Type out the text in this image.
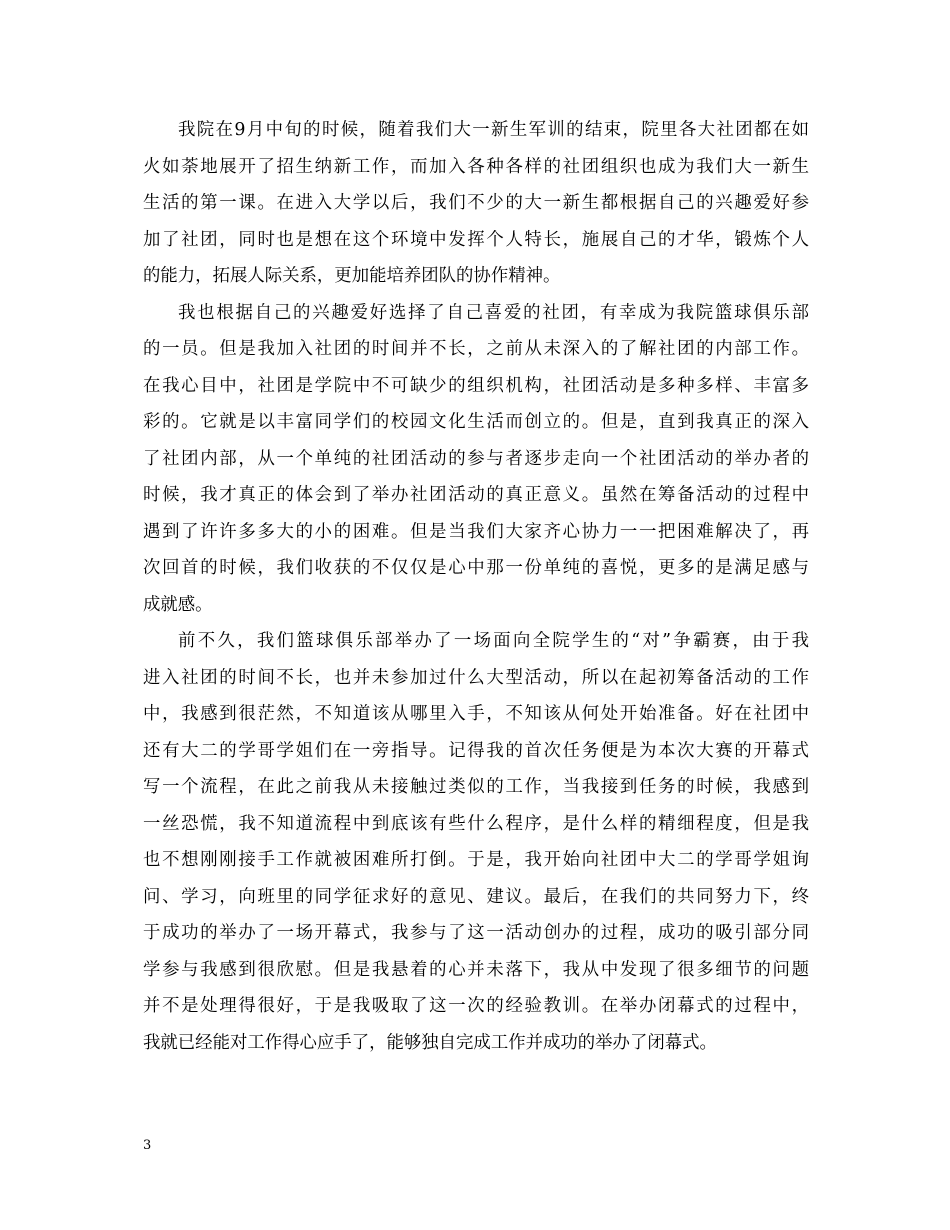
我院在9月中旬的时候，随着我们大一新生军训的结束，院里各大社团都在如
火如荼地展开了招生纳新工作，而加入各种各样的社团组织也成为我们大一新生
生活的第一课。在进入大学以后，我们不少的大一新生都根据自己的兴趣爱好参
加了社团，同时也是想在这个环境中发挥个人特长，施展自己的才华，锻炼个人
的能力，拓展人际关系，更加能培养团队的协作精神。
我也根据自己的兴趣爱好选择了自己喜爱的社团，有幸成为我院篮球俱乐部
的一员。但是我加入社团的时间并不长，之前从未深入的了解社团的内部工作。
在我心目中，社团是学院中不可缺少的组织机构，社团活动是多种多样、丰富多
彩的。它就是以丰富同学们的校园文化生活而创立的。但是，直到我真正的深入
了社团内部，从一个单纯的社团活动的参与者逐步走向一个社团活动的举办者的
时候，我才真正的体会到了举办社团活动的真正意义。虽然在筹备活动的过程中
遇到了许许多多大的小的困难。但是当我们大家齐心协力一一把困难解决了，再
次回首的时候，我们收获的不仅仅是心中那一份单纯的喜悦，更多的是满足感与
成就感。
前不久，我们篮球俱乐部举办了一场面向全院学生的“对”争霸赛，由于我
进入社团的时间不长，也并未参加过什么大型活动，所以在起初筹备活动的工作
中，我感到很茫然，不知道该从哪里入手，不知该从何处开始准备。好在社团中
还有大二的学哥学姐们在一旁指导。记得我的首次任务便是为本次大赛的开幕式
写一个流程，在此之前我从未接触过类似的工作，当我接到任务的时候，我感到
一丝恐慌，我不知道流程中到底该有些什么程序，是什么样的精细程度，但是我
也不想刚刚接手工作就被困难所打倒。于是，我开始向社团中大二的学哥学姐询
问、学习，向班里的同学征求好的意见、建议。最后，在我们的共同努力下，终
于成功的举办了一场开幕式，我参与了这一活动创办的过程，成功的吸引部分同
学参与我感到很欣慰。但是我悬着的心并未落下，我从中发现了很多细节的问题
并不是处理得很好，于是我吸取了这一次的经验教训。在举办闭幕式的过程中，
我就已经能对工作得心应手了，能够独自完成工作并成功的举办了闭幕式。
3
